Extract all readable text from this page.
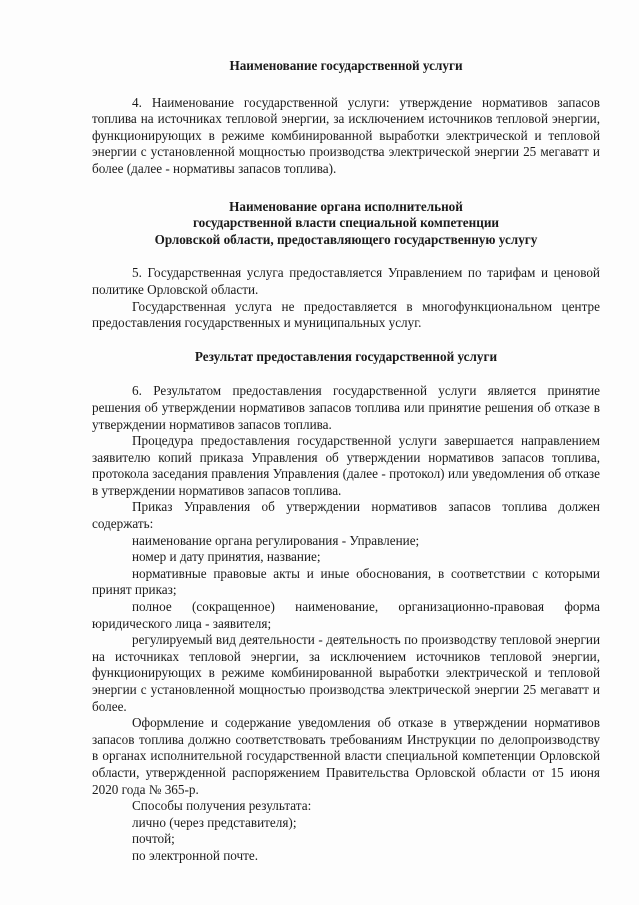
Наименование государственной услуги

4. Наименование государственной услуги: утверждение нормативов запасов топлива на источниках тепловой энергии, за исключением источников тепловой энергии, функционирующих в режиме комбинированной выработки электрической и тепловой энергии с установленной мощностью производства электрической энергии 25 мегаватт и более (далее - нормативы запасов топлива).

Наименование органа исполнительной

государственной власти специальной компетенции

Орловской области, предоставляющего государственную услугу

5. Государственная услуга предоставляется Управлением по тарифам и ценовой политике Орловской области.

Государственная услуга не предоставляется в многофункциональном центре предоставления государственных и муниципальных услуг.

Результат предоставления государственной услуги

6. Результатом предоставления государственной услуги является принятие решения об утверждении нормативов запасов топлива или принятие решения об отказе в утверждении нормативов запасов топлива.

Процедура предоставления государственной услуги завершается направлением заявителю копий приказа Управления об утверждении нормативов запасов топлива, протокола заседания правления Управления (далее - протокол) или уведомления об отказе в утверждении нормативов запасов топлива.

Приказ Управления об утверждении нормативов запасов топлива должен содержать:

наименование органа регулирования - Управление;

номер и дату принятия, название;

нормативные правовые акты и иные обоснования, в соответствии с которыми принят приказ;

полное (сокращенное) наименование, организационно-правовая форма юридического лица - заявителя;

регулируемый вид деятельности - деятельность по производству тепловой энергии на источниках тепловой энергии, за исключением источников тепловой энергии, функционирующих в режиме комбинированной выработки электрической и тепловой энергии с установленной мощностью производства электрической энергии 25 мегаватт и более.

Оформление и содержание уведомления об отказе в утверждении нормативов запасов топлива должно соответствовать требованиям Инструкции по делопроизводству в органах исполнительной государственной власти специальной компетенции Орловской области, утвержденной распоряжением Правительства Орловской области от 15 июня 2020 года № 365-р.

Способы получения результата:

лично (через представителя);

почтой;

по электронной почте.
